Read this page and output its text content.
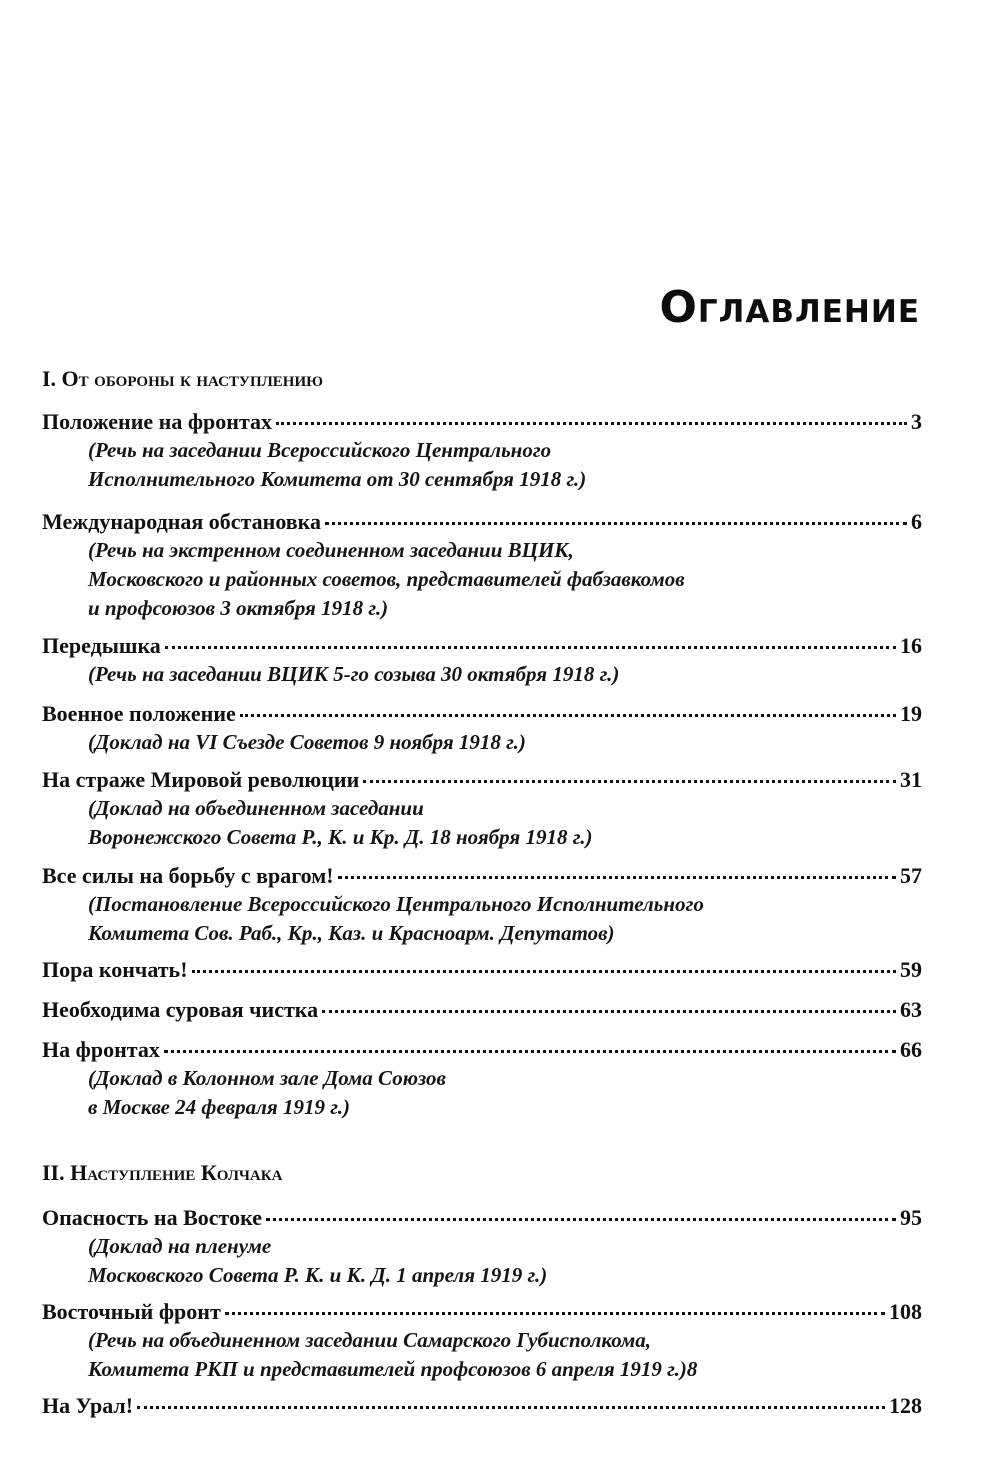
Оглавление
I. От обороны к наступлению
Положение на фронтах	3
(Речь на заседании Всероссийского Центрального
Исполнительного Комитета от 30 сентября 1918 г.)
Международная обстановка	6
(Речь на экстренном соединенном заседании ВЦИК,
Московского и районных советов, представителей фабзавкомов
и профсоюзов 3 октября 1918 г.)
Передышка	16
(Речь на заседании ВЦИК 5-го созыва 30 октября 1918 г.)
Военное положение	19
(Доклад на VI Съезде Советов 9 ноября 1918 г.)
На страже Мировой революции	31
(Доклад на объединенном заседании
Воронежского Совета Р., К. и Кр. Д. 18 ноября 1918 г.)
Все силы на борьбу с врагом!	57
(Постановление Всероссийского Центрального Исполнительного
Комитета Сов. Раб., Кр., Каз. и Красноарм. Депутатов)
Пора кончать!	59
Необходима суровая чистка	63
На фронтах	66
(Доклад в Колонном зале Дома Союзов
в Москве 24 февраля 1919 г.)
II. Наступление Колчака
Опасность на Востоке	95
(Доклад на пленуме
Московского Совета Р. К. и К. Д. 1 апреля 1919 г.)
Восточный фронт	108
(Речь на объединенном заседании Самарского Губисполкома,
Комитета РКП и представителей профсоюзов 6 апреля 1919 г.)8
На Урал!	128
